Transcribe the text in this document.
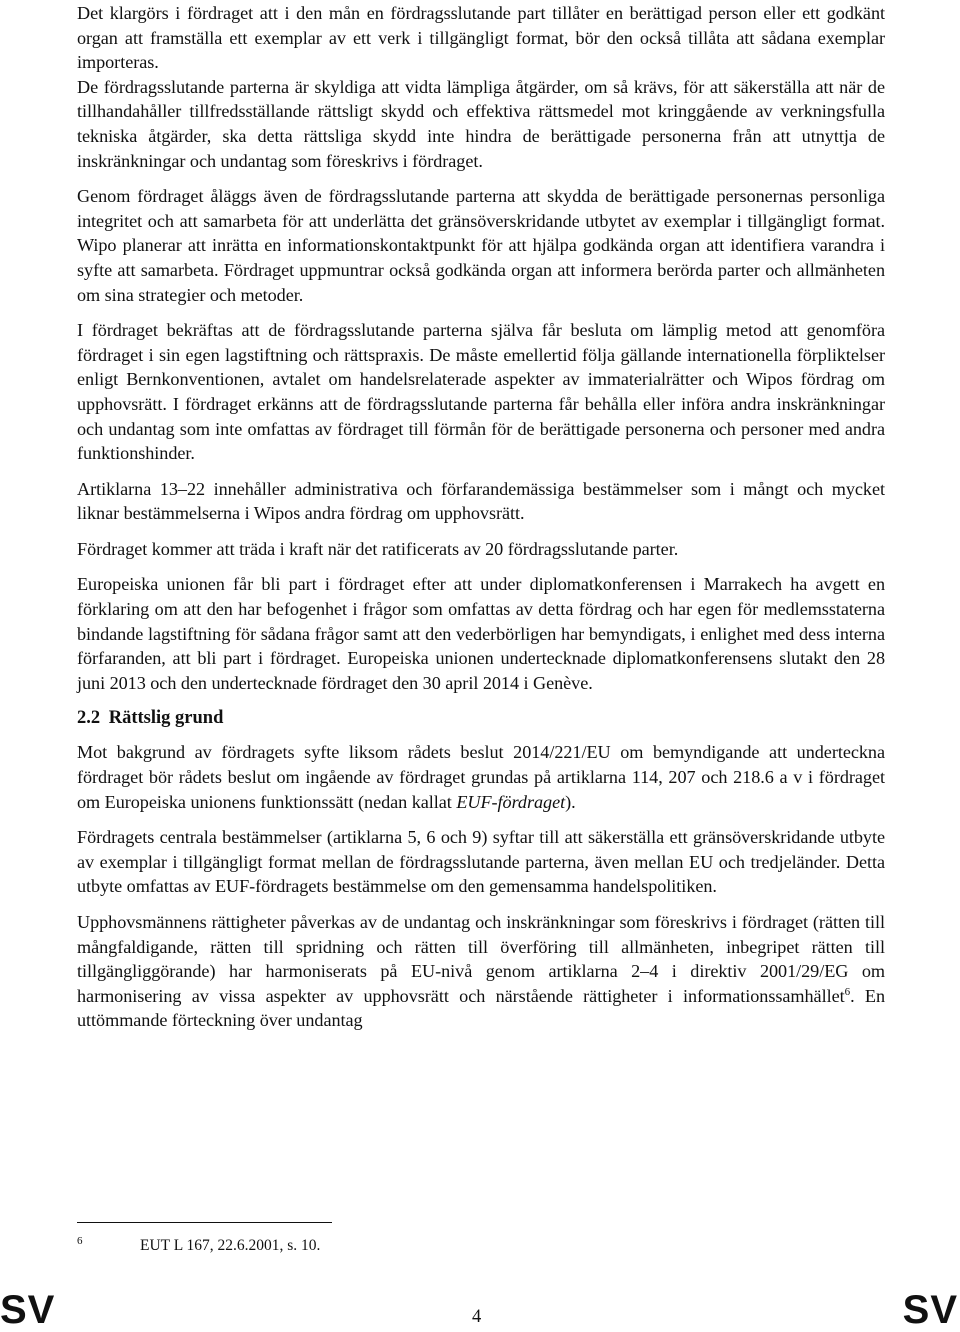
Det klargörs i fördraget att i den mån en fördragsslutande part tillåter en berättigad person eller ett godkänt organ att framställa ett exemplar av ett verk i tillgängligt format, bör den också tillåta att sådana exemplar importeras.

De fördragsslutande parterna är skyldiga att vidta lämpliga åtgärder, om så krävs, för att säkerställa att när de tillhandahåller tillfredsställande rättsligt skydd och effektiva rättsmedel mot kringgående av verkningsfulla tekniska åtgärder, ska detta rättsliga skydd inte hindra de berättigade personerna från att utnyttja de inskränkningar och undantag som föreskrivs i fördraget.

Genom fördraget åläggs även de fördragsslutande parterna att skydda de berättigade personernas personliga integritet och att samarbeta för att underlätta det gränsöverskridande utbytet av exemplar i tillgängligt format. Wipo planerar att inrätta en informationskontaktpunkt för att hjälpa godkända organ att identifiera varandra i syfte att samarbeta. Fördraget uppmuntrar också godkända organ att informera berörda parter och allmänheten om sina strategier och metoder.

I fördraget bekräftas att de fördragsslutande parterna själva får besluta om lämplig metod att genomföra fördraget i sin egen lagstiftning och rättspraxis. De måste emellertid följa gällande internationella förpliktelser enligt Bernkonventionen, avtalet om handelsrelaterade aspekter av immaterialrätter och Wipos fördrag om upphovsrätt. I fördraget erkänns att de fördragsslutande parterna får behålla eller införa andra inskränkningar och undantag som inte omfattas av fördraget till förmån för de berättigade personerna och personer med andra funktionshinder.

Artiklarna 13–22 innehåller administrativa och förfarandemässiga bestämmelser som i mångt och mycket liknar bestämmelserna i Wipos andra fördrag om upphovsrätt.

Fördraget kommer att träda i kraft när det ratificerats av 20 fördragsslutande parter.

Europeiska unionen får bli part i fördraget efter att under diplomatkonferensen i Marrakech ha avgett en förklaring om att den har befogenhet i frågor som omfattas av detta fördrag och har egen för medlemsstaterna bindande lagstiftning för sådana frågor samt att den vederbörligen har bemyndigats, i enlighet med dess interna förfaranden, att bli part i fördraget. Europeiska unionen undertecknade diplomatkonferensens slutakt den 28 juni 2013 och den undertecknade fördraget den 30 april 2014 i Genève.

2.2 Rättslig grund

Mot bakgrund av fördragets syfte liksom rådets beslut 2014/221/EU om bemyndigande att underteckna fördraget bör rådets beslut om ingående av fördraget grundas på artiklarna 114, 207 och 218.6 a v i fördraget om Europeiska unionens funktionssätt (nedan kallat EUF-fördraget).

Fördragets centrala bestämmelser (artiklarna 5, 6 och 9) syftar till att säkerställa ett gränsöverskridande utbyte av exemplar i tillgängligt format mellan de fördragsslutande parterna, även mellan EU och tredjeländer. Detta utbyte omfattas av EUF-fördragets bestämmelse om den gemensamma handelspolitiken.

Upphovsmännens rättigheter påverkas av de undantag och inskränkningar som föreskrivs i fördraget (rätten till mångfaldigande, rätten till spridning och rätten till överföring till allmänheten, inbegripet rätten till tillgängliggörande) har harmoniserats på EU-nivå genom artiklarna 2–4 i direktiv 2001/29/EG om harmonisering av vissa aspekter av upphovsrätt och närstående rättigheter i informationssamhället$^6$. En uttömmande förteckning över undantag

6	EUT L 167, 22.6.2001, s. 10.
SV	4	SV
